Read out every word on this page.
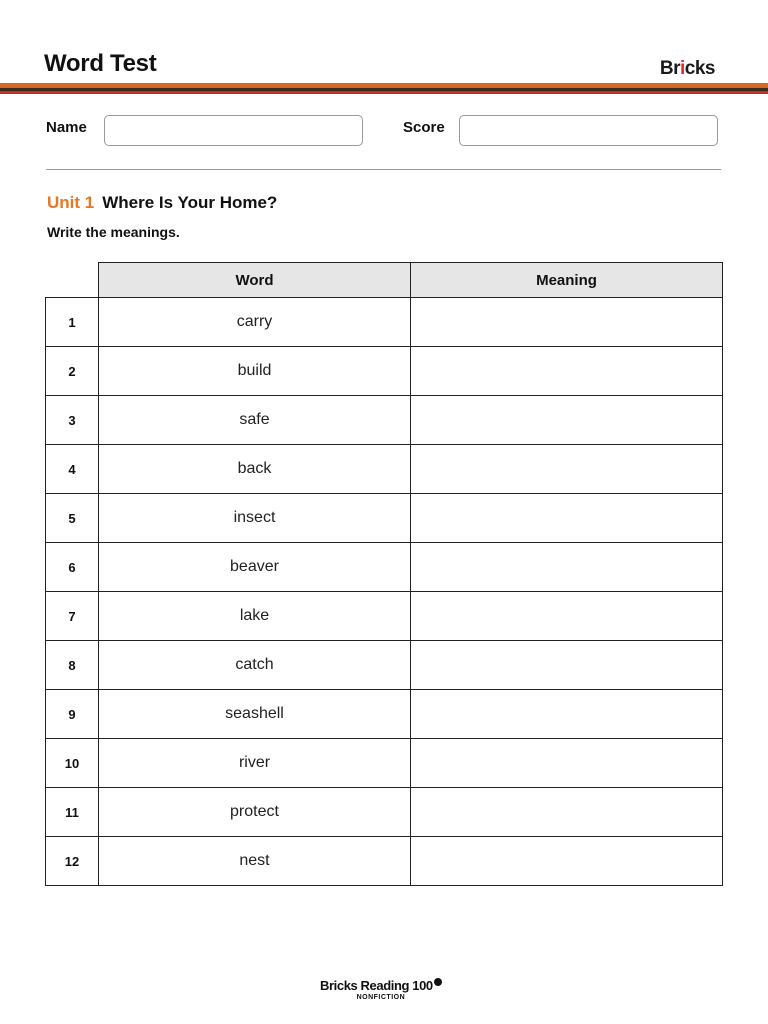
Word Test	Bricks
Name	Score
Unit 1 Where Is Your Home?
Write the meanings.
	Word	Meaning
1	carry	
2	build	
3	safe	
4	back	
5	insect	
6	beaver	
7	lake	
8	catch	
9	seashell	
10	river	
11	protect	
12	nest	
Bricks Reading 100
NONFICTION
